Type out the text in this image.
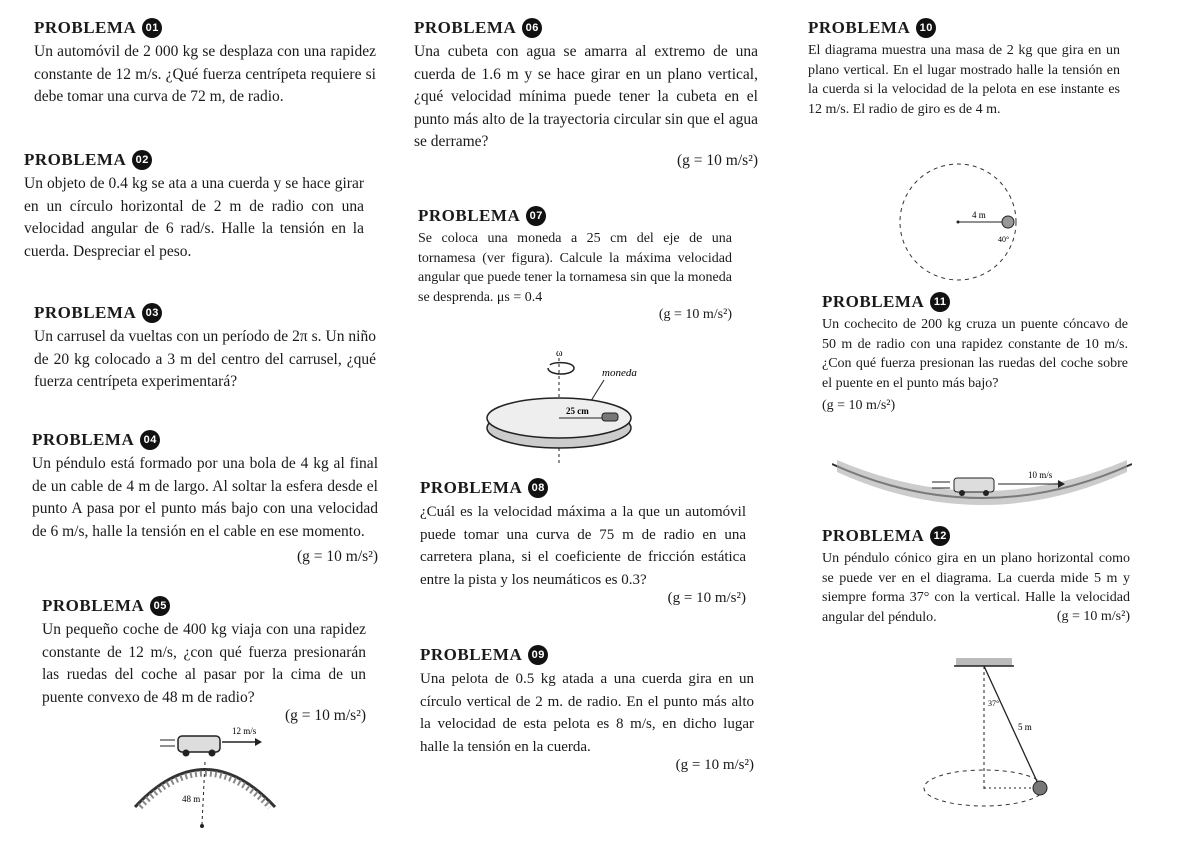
PROBLEMA 01
Un automóvil de 2 000 kg se desplaza con una rapidez constante de 12 m/s. ¿Qué fuerza centrípeta requiere si debe tomar una curva de 72 m, de radio.
PROBLEMA 02
Un objeto de 0.4 kg se ata a una cuerda y se hace girar en un círculo horizontal de 2 m de radio con una velocidad angular de 6 rad/s. Halle la tensión en la cuerda. Despreciar el peso.
PROBLEMA 03
Un carrusel da vueltas con un período de 2π s. Un niño de 20 kg colocado a 3 m del centro del carrusel, ¿qué fuerza centrípeta experimentará?
PROBLEMA 04
Un péndulo está formado por una bola de 4 kg al final de un cable de 4 m de largo. Al soltar la esfera desde el punto A pasa por el punto más bajo con una velocidad de 6 m/s, halle la tensión en el cable en ese momento.
(g = 10 m/s²)
PROBLEMA 05
Un pequeño coche de 400 kg viaja con una rapidez constante de 12 m/s, ¿con qué fuerza presionarán las ruedas del coche al pasar por la cima de un puente convexo de 48 m de radio?
(g = 10 m/s²)
12 m/s
48 m
PROBLEMA 06
Una cubeta con agua se amarra al extremo de una cuerda de 1.6 m y se hace girar en un plano vertical, ¿qué velocidad mínima puede tener la cubeta en el punto más alto de la trayectoria circular sin que el agua se derrame?
(g = 10 m/s²)
PROBLEMA 07
Se coloca una moneda a 25 cm del eje de una tornamesa (ver figura). Calcule la máxima velocidad angular que puede tener la tornamesa sin que la moneda se desprenda. μs = 0.4
(g = 10 m/s²)
ω
moneda
25 cm
PROBLEMA 08
¿Cuál es la velocidad máxima a la que un automóvil puede tomar una curva de 75 m de radio en una carretera plana, si el coeficiente de fricción estática entre la pista y los neumáticos es 0.3?
(g = 10 m/s²)
PROBLEMA 09
Una pelota de 0.5 kg atada a una cuerda gira en un círculo vertical de 2 m. de radio. En el punto más alto la velocidad de esta pelota es 8 m/s, en dicho lugar halle la tensión en la cuerda.
(g = 10 m/s²)
PROBLEMA 10
El diagrama muestra una masa de 2 kg que gira en un plano vertical. En el lugar mostrado halle la tensión en la cuerda si la velocidad de la pelota en ese instante es 12 m/s. El radio de giro es de 4 m.
4 m
40°
PROBLEMA 11
Un cochecito de 200 kg cruza un puente cóncavo de 50 m de radio con una rapidez constante de 10 m/s. ¿Con qué fuerza presionan las ruedas del coche sobre el puente en el punto más bajo?
(g = 10 m/s²)
10 m/s
PROBLEMA 12
Un péndulo cónico gira en un plano horizontal como se puede ver en el diagrama. La cuerda mide 5 m y siempre forma 37° con la vertical. Halle la velocidad angular del péndulo.	(g = 10 m/s²)
37°
5 m
